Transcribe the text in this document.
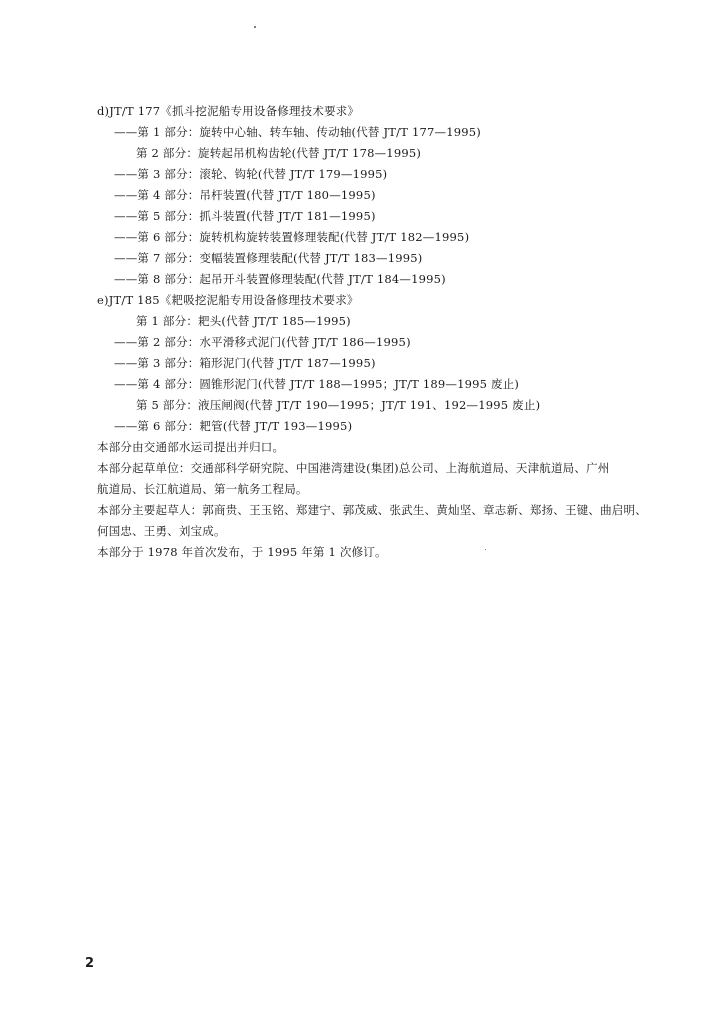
d)JT/T 177《抓斗挖泥船专用设备修理技术要求》
——第 1 部分：旋转中心轴、转车轴、传动轴(代替 JT/T 177—1995)
第 2 部分：旋转起吊机构齿轮(代替 JT/T 178—1995)
——第 3 部分：滚轮、钩轮(代替 JT/T 179—1995)
——第 4 部分：吊杆装置(代替 JT/T 180—1995)
——第 5 部分：抓斗装置(代替 JT/T 181—1995)
——第 6 部分：旋转机构旋转装置修理装配(代替 JT/T 182—1995)
——第 7 部分：变幅装置修理装配(代替 JT/T 183—1995)
——第 8 部分：起吊开斗装置修理装配(代替 JT/T 184—1995)
e)JT/T 185《耙吸挖泥船专用设备修理技术要求》
第 1 部分：耙头(代替 JT/T 185—1995)
——第 2 部分：水平滑移式泥门(代替 JT/T 186—1995)
——第 3 部分：箱形泥门(代替 JT/T 187—1995)
——第 4 部分：圆锥形泥门(代替 JT/T 188—1995；JT/T 189—1995 废止)
第 5 部分：液压闸阀(代替 JT/T 190—1995；JT/T 191、192—1995 废止)
——第 6 部分：耙管(代替 JT/T 193—1995)
本部分由交通部水运司提出并归口。
本部分起草单位：交通部科学研究院、中国港湾建设(集团)总公司、上海航道局、天津航道局、广州
航道局、长江航道局、第一航务工程局。
本部分主要起草人：郭商贵、王玉铭、郑建宁、郭茂威、张武生、黄灿坚、章志新、郑扬、王键、曲启明、
何国忠、王勇、刘宝成。
本部分于 1978 年首次发布，于 1995 年第 1 次修订。
2
